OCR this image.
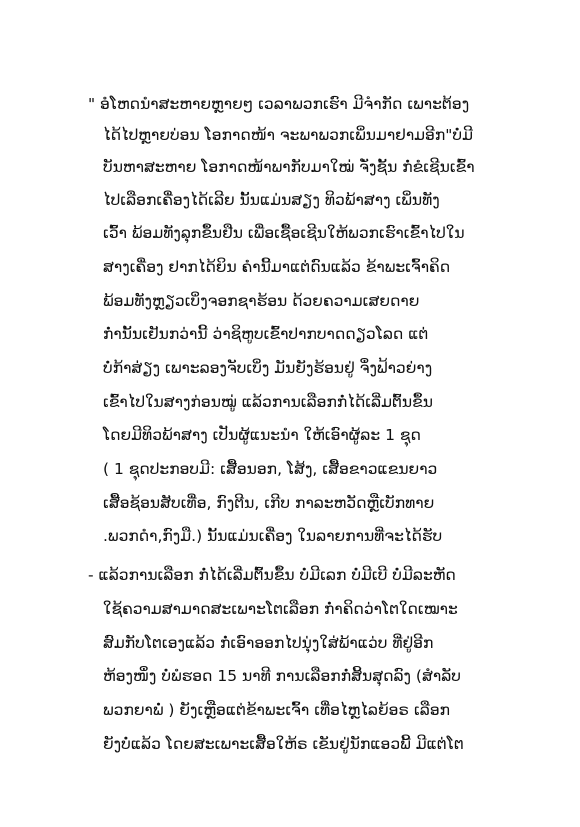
" ອໍໂຫດນໍາສະຫາຍຫຼາຍໆ ເວລາພວກເຮົາ ມີຈໍາກັດ ເພາະຕ້ອງ
ໄດ້ໄປຫຼາຍບ່ອນ ໂອກາດໜ້າ ຈະພາພວກເພິ່ນມາຢາມອີກ"ບໍ່ມີ
ບັນຫາສະຫາຍ ໂອກາດໜ້າພາກັບມາໃໝ່ ຈັ່ງຊັ້ນ ກໍ່ຂໍເຊີນເຂົ້າ
ໄປເລືອກເຄື່ອງໄດ້ເລີຍ ນັ້ນແມ່ນສຽງ ທິວພ້າສາງ ເພິ່ນທັງ
ເວົ້າ ພ້ອມທັງລຸກຂຶ້ນຢືນ ເພື່ອເຊື້ອເຊີນໃຫ້ພວກເຮົາເຂົ້າໄປໃນ
ສາງເຄື່ອງ ຢາກໄດ້ຍິນ ຄໍານີ້ມາແຕ່ດົນແລ້ວ ຂ້າພະເຈົ້າຄິດ
ພ້ອມທັງຫຼຽວເບິ່ງຈອກຊາຮ້ອນ ດ້ວຍຄວາມເສຍດາຍ
ກໍ່ານັ້ນເຢັນກວ່ານີ້ ວ່າຊິຫູບເຂົ້າປາກບາດດຽວໂລດ ແຕ່
ບໍ່ກ້າສ່ຽງ ເພາະລອງຈັບເບິ່ງ ມັນຍັງຮ້ອນຢູ່ ຈຶ່ງຟ້າວຍ່າງ
ເຂົ້າໄປໃນສາງກ່ອນໝູ່ ແລ້ວການເລືອກກໍ່ໄດ້ເລີ່ມຕົ້ນຂຶ້ນ
ໂດຍມີທິວພ້າສາງ ເປັນຜູ້ແນະນໍາ ໃຫ້ເອົາຜູ້ລະ 1 ຊຸດ
( 1 ຊຸດປະກອບມີ: ເສື້ອນອກ, ໂສ້ງ, ເສື້ອຂາວແຂນຍາວ
ເສື້ອຊ້ອນສັບເທື່ອ, ກົງຕີນ, ເກີບ ກາລະຫວັດຫຼືເບັກທາຍ
.ພວກດໍາ,ກົງມື.) ນັ້ນແມ່ນເຄື່ອງ ໃນລາຍການທີ່ຈະໄດ້ຮັບ
- ແລ້ວການເລືອກ ກໍ່ໄດ້ເລີ່ມຕົ້ນຂຶ້ນ ບໍ່ມີເລກ ບໍ່ມີເບີ ບໍ່ມີລະຫັດ
ໃຊ້ຄວາມສາມາດສະເພາະໂຕເລືອກ ກໍ່າຄິດວ່າໂຕໃດເໝາະ
ສົມກັບໂຕເອງແລ້ວ ກໍ່ເອົາອອກໄປນຸ່ງໃສ່ພ້າແວ່ບ ທີ່ຢູ່ອີກ
ຫ້ອງໜຶ່ງ ບໍ່ພໍຮອດ 15 ນາທີ ການເລືອກກໍ່ສິ້ນສຸດລົງ (ສໍາລັບ
ພວກຍາພໍ່ ) ຍັງເຫຼືອແຕ່ຂ້າພະເຈົ້າ ເທື່ອໄຫຼໄລຍ້ອຣ ເລືອກ
ຍັງບໍ່ແລ້ວ ໂດຍສະເພາະເສື້ອໃຫ້ຣ ເຂັນຢູ່ນັກແອວພີ້ ມີແຕ່ໂຕ
